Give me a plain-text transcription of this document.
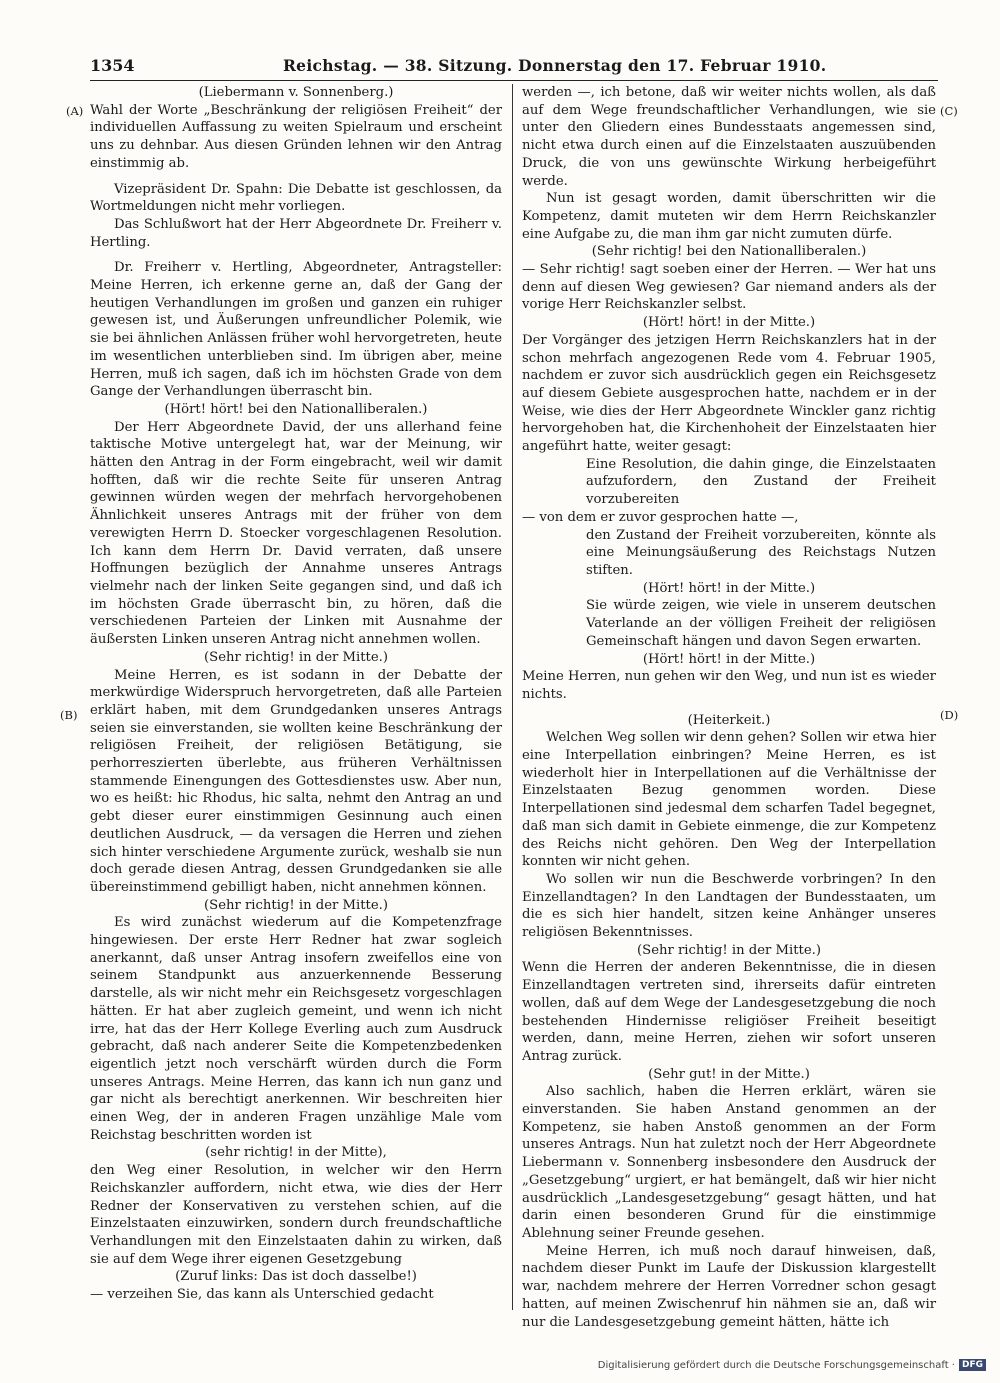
1354	Reichstag. — 38. Sitzung. Donnerstag den 17. Februar 1910.
(A)
(B)
(C)
(D)

(Liebermann v. Sonnenberg.)

Wahl der Worte „Beschränkung der religiösen Freiheit“ der individuellen Auffassung zu weiten Spielraum und erscheint uns zu dehnbar. Aus diesen Gründen lehnen wir den Antrag einstimmig ab.

Vizepräsident Dr. Spahn: Die Debatte ist geschlossen, da Wortmeldungen nicht mehr vorliegen.

Das Schlußwort hat der Herr Abgeordnete Dr. Freiherr v. Hertling.

Dr. Freiherr v. Hertling, Abgeordneter, Antragsteller: Meine Herren, ich erkenne gerne an, daß der Gang der heutigen Verhandlungen im großen und ganzen ein ruhiger gewesen ist, und Äußerungen unfreundlicher Polemik, wie sie bei ähnlichen Anlässen früher wohl hervorgetreten, heute im wesentlichen unterblieben sind. Im übrigen aber, meine Herren, muß ich sagen, daß ich im höchsten Grade von dem Gange der Verhandlungen überrascht bin.

(Hört! hört! bei den Nationalliberalen.)

Der Herr Abgeordnete David, der uns allerhand feine taktische Motive untergelegt hat, war der Meinung, wir hätten den Antrag in der Form eingebracht, weil wir damit hofften, daß wir die rechte Seite für unseren Antrag gewinnen würden wegen der mehrfach hervorgehobenen Ähnlichkeit unseres Antrags mit der früher von dem verewigten Herrn D. Stoecker vorgeschlagenen Resolution. Ich kann dem Herrn Dr. David verraten, daß unsere Hoffnungen bezüglich der Annahme unseres Antrags vielmehr nach der linken Seite gegangen sind, und daß ich im höchsten Grade überrascht bin, zu hören, daß die verschiedenen Parteien der Linken mit Ausnahme der äußersten Linken unseren Antrag nicht annehmen wollen.

(Sehr richtig! in der Mitte.)

Meine Herren, es ist sodann in der Debatte der merkwürdige Widerspruch hervorgetreten, daß alle Parteien erklärt haben, mit dem Grundgedanken unseres Antrags seien sie einverstanden, sie wollten keine Beschränkung der religiösen Freiheit, der religiösen Betätigung, sie perhorreszierten überlebte, aus früheren Verhältnissen stammende Einengungen des Gottesdienstes usw. Aber nun, wo es heißt: hic Rhodus, hic salta, nehmt den Antrag an und gebt dieser eurer einstimmigen Gesinnung auch einen deutlichen Ausdruck, — da versagen die Herren und ziehen sich hinter verschiedene Argumente zurück, weshalb sie nun doch gerade diesen Antrag, dessen Grundgedanken sie alle übereinstimmend gebilligt haben, nicht annehmen können.

(Sehr richtig! in der Mitte.)

Es wird zunächst wiederum auf die Kompetenzfrage hingewiesen. Der erste Herr Redner hat zwar sogleich anerkannt, daß unser Antrag insofern zweifellos eine von seinem Standpunkt aus anzuerkennende Besserung darstelle, als wir nicht mehr ein Reichsgesetz vorgeschlagen hätten. Er hat aber zugleich gemeint, und wenn ich nicht irre, hat das der Herr Kollege Everling auch zum Ausdruck gebracht, daß nach anderer Seite die Kompetenzbedenken eigentlich jetzt noch verschärft würden durch die Form unseres Antrags. Meine Herren, das kann ich nun ganz und gar nicht als berechtigt anerkennen. Wir beschreiten hier einen Weg, der in anderen Fragen unzählige Male vom Reichstag beschritten worden ist

(sehr richtig! in der Mitte),

den Weg einer Resolution, in welcher wir den Herrn Reichskanzler auffordern, nicht etwa, wie dies der Herr Redner der Konservativen zu verstehen schien, auf die Einzelstaaten einzuwirken, sondern durch freundschaftliche Verhandlungen mit den Einzelstaaten dahin zu wirken, daß sie auf dem Wege ihrer eigenen Gesetzgebung

(Zuruf links: Das ist doch dasselbe!)

— verzeihen Sie, das kann als Unterschied gedacht

werden —, ich betone, daß wir weiter nichts wollen, als daß auf dem Wege freundschaftlicher Verhandlungen, wie sie unter den Gliedern eines Bundesstaats angemessen sind, nicht etwa durch einen auf die Einzelstaaten auszuübenden Druck, die von uns gewünschte Wirkung herbeigeführt werde.

Nun ist gesagt worden, damit überschritten wir die Kompetenz, damit muteten wir dem Herrn Reichskanzler eine Aufgabe zu, die man ihm gar nicht zumuten dürfe.

(Sehr richtig! bei den Nationalliberalen.)

— Sehr richtig! sagt soeben einer der Herren. — Wer hat uns denn auf diesen Weg gewiesen? Gar niemand anders als der vorige Herr Reichskanzler selbst.

(Hört! hört! in der Mitte.)

Der Vorgänger des jetzigen Herrn Reichskanzlers hat in der schon mehrfach angezogenen Rede vom 4. Februar 1905, nachdem er zuvor sich ausdrücklich gegen ein Reichsgesetz auf diesem Gebiete ausgesprochen hatte, nachdem er in der Weise, wie dies der Herr Abgeordnete Winckler ganz richtig hervorgehoben hat, die Kirchenhoheit der Einzelstaaten hier angeführt hatte, weiter gesagt:

Eine Resolution, die dahin ginge, die Einzelstaaten aufzufordern, den Zustand der Freiheit vorzubereiten

— von dem er zuvor gesprochen hatte —,

den Zustand der Freiheit vorzubereiten, könnte als eine Meinungsäußerung des Reichstags Nutzen stiften.

(Hört! hört! in der Mitte.)

Sie würde zeigen, wie viele in unserem deutschen Vaterlande an der völligen Freiheit der religiösen Gemeinschaft hängen und davon Segen erwarten.

(Hört! hört! in der Mitte.)

Meine Herren, nun gehen wir den Weg, und nun ist es wieder nichts.

(Heiterkeit.)

Welchen Weg sollen wir denn gehen? Sollen wir etwa hier eine Interpellation einbringen? Meine Herren, es ist wiederholt hier in Interpellationen auf die Verhältnisse der Einzelstaaten Bezug genommen worden. Diese Interpellationen sind jedesmal dem scharfen Tadel begegnet, daß man sich damit in Gebiete einmenge, die zur Kompetenz des Reichs nicht gehören. Den Weg der Interpellation konnten wir nicht gehen.

Wo sollen wir nun die Beschwerde vorbringen? In den Einzellandtagen? In den Landtagen der Bundesstaaten, um die es sich hier handelt, sitzen keine Anhänger unseres religiösen Bekenntnisses.

(Sehr richtig! in der Mitte.)

Wenn die Herren der anderen Bekenntnisse, die in diesen Einzellandtagen vertreten sind, ihrerseits dafür eintreten wollen, daß auf dem Wege der Landesgesetzgebung die noch bestehenden Hindernisse religiöser Freiheit beseitigt werden, dann, meine Herren, ziehen wir sofort unseren Antrag zurück.

(Sehr gut! in der Mitte.)

Also sachlich, haben die Herren erklärt, wären sie einverstanden. Sie haben Anstand genommen an der Kompetenz, sie haben Anstoß genommen an der Form unseres Antrags. Nun hat zuletzt noch der Herr Abgeordnete Liebermann v. Sonnenberg insbesondere den Ausdruck der „Gesetzgebung“ urgiert, er hat bemängelt, daß wir hier nicht ausdrücklich „Landesgesetzgebung“ gesagt hätten, und hat darin einen besonderen Grund für die einstimmige Ablehnung seiner Freunde gesehen.

Meine Herren, ich muß noch darauf hinweisen, daß, nachdem dieser Punkt im Laufe der Diskussion klargestellt war, nachdem mehrere der Herren Vorredner schon gesagt hatten, auf meinen Zwischenruf hin nähmen sie an, daß wir nur die Landesgesetzgebung gemeint hätten, hätte ich

Digitalisierung gefördert durch die Deutsche Forschungsgemeinschaft · DFG
